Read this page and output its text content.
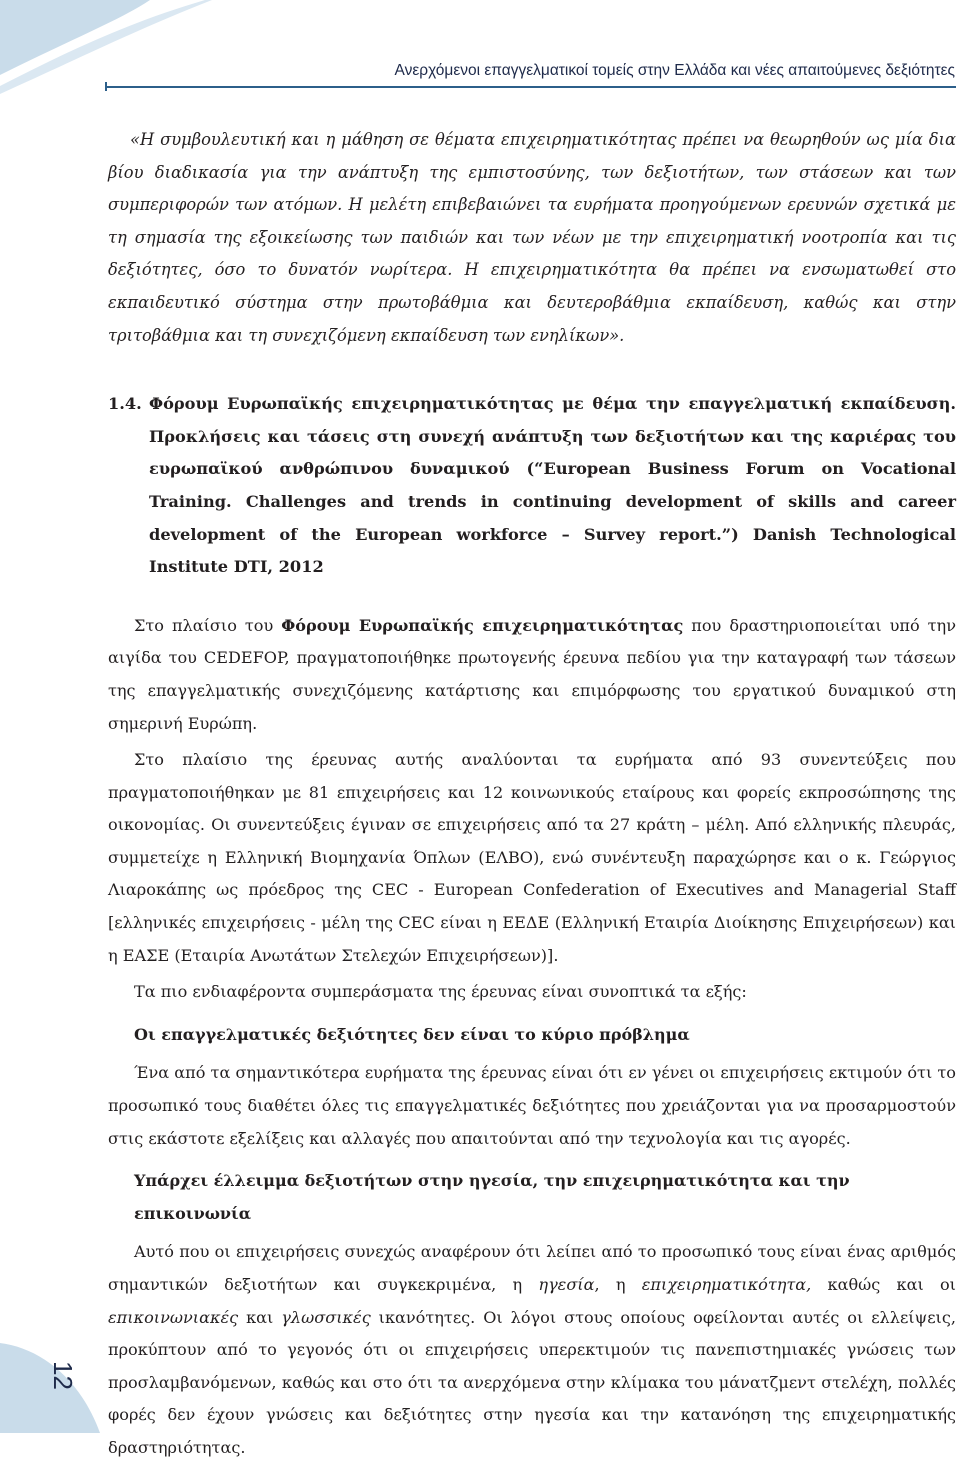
Ανερχόμενοι επαγγελματικοί τομείς στην Ελλάδα και νέες απαιτούμενες δεξιότητες

«Η συμβουλευτική και η μάθηση σε θέματα επιχειρηματικότητας πρέπει να θεωρηθούν ως μία δια βίου διαδικασία για την ανάπτυξη της εμπιστοσύνης, των δεξιοτήτων, των στάσεων και των συμπεριφορών των ατόμων. Η μελέτη επιβεβαιώνει τα ευρήματα προηγούμενων ερευνών σχετικά με τη σημασία της εξοικείωσης των παιδιών και των νέων με την επιχειρηματική νοοτροπία και τις δεξιότητες, όσο το δυνατόν νωρίτερα. Η επιχειρηματικότητα θα πρέπει να ενσωματωθεί στο εκπαιδευτικό σύστημα στην πρωτοβάθμια και δευτεροβάθμια εκπαίδευση, καθώς και στην τριτοβάθμια και τη συνεχιζόμενη εκπαίδευση των ενηλίκων».

1.4. Φόρουμ Ευρωπαϊκής επιχειρηματικότητας με θέμα την επαγγελματική εκπαίδευση. Προκλήσεις και τάσεις στη συνεχή ανάπτυξη των δεξιοτήτων και της καριέρας του ευρωπαϊκού ανθρώπινου δυναμικού (“European Business Forum on Vocational Training. Challenges and trends in continuing development of skills and career development of the European workforce – Survey report.”) Danish Technological Institute DTI, 2012

Στο πλαίσιο του Φόρουμ Ευρωπαϊκής επιχειρηματικότητας που δραστηριοποιείται υπό την αιγίδα του CEDEFOP, πραγματοποιήθηκε πρωτογενής έρευνα πεδίου για την καταγραφή των τάσεων της επαγγελματικής συνεχιζόμενης κατάρτισης και επιμόρφωσης του εργατικού δυναμικού στη σημερινή Ευρώπη.

Στο πλαίσιο της έρευνας αυτής αναλύονται τα ευρήματα από 93 συνεντεύξεις που πραγματοποιήθηκαν με 81 επιχειρήσεις και 12 κοινωνικούς εταίρους και φορείς εκπροσώπησης της οικονομίας. Οι συνεντεύξεις έγιναν σε επιχειρήσεις από τα 27 κράτη – μέλη. Από ελληνικής πλευράς, συμμετείχε η Ελληνική Βιομηχανία Όπλων (ΕΛΒΟ), ενώ συνέντευξη παραχώρησε και ο κ. Γεώργιος Λιαροκάπης ως πρόεδρος της CEC - European Confederation of Executives and Managerial Staff [ελληνικές επιχειρήσεις - μέλη της CEC είναι η ΕΕΔΕ (Ελληνική Εταιρία Διοίκησης Επιχειρήσεων) και η ΕΑΣΕ (Εταιρία Ανωτάτων Στελεχών Επιχειρήσεων)].

Τα πιο ενδιαφέροντα συμπεράσματα της έρευνας είναι συνοπτικά τα εξής:

Οι επαγγελματικές δεξιότητες δεν είναι το κύριο πρόβλημα

Ένα από τα σημαντικότερα ευρήματα της έρευνας είναι ότι εν γένει οι επιχειρήσεις εκτιμούν ότι το προσωπικό τους διαθέτει όλες τις επαγγελματικές δεξιότητες που χρειάζονται για να προσαρμοστούν στις εκάστοτε εξελίξεις και αλλαγές που απαιτούνται από την τεχνολογία και τις αγορές.

Υπάρχει έλλειμμα δεξιοτήτων στην ηγεσία, την επιχειρηματικότητα και την επικοινωνία

Αυτό που οι επιχειρήσεις συνεχώς αναφέρουν ότι λείπει από το προσωπικό τους είναι ένας αριθμός σημαντικών δεξιοτήτων και συγκεκριμένα, η ηγεσία, η επιχειρηματικότητα, καθώς και οι επικοινωνιακές και γλωσσικές ικανότητες. Οι λόγοι στους οποίους οφείλονται αυτές οι ελλείψεις, προκύπτουν από το γεγονός ότι οι επιχειρήσεις υπερεκτιμούν τις πανεπιστημιακές γνώσεις των προσλαμβανόμενων, καθώς και στο ότι τα ανερχόμενα στην κλίμακα του μάνατζμεντ στελέχη, πολλές φορές δεν έχουν γνώσεις και δεξιότητες στην ηγεσία και την κατανόηση της επιχειρηματικής δραστηριότητας.

12
